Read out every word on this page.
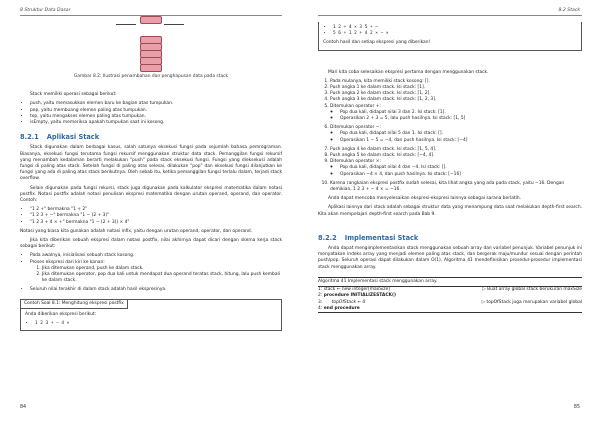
8 Struktur Data Dasar
Gambar 8.2: Ilustrasi penambahan dan penghapusan data pada stack

Stack memiliki operasi sebagai berikut:

• push, yaitu memasukkan elemen baru ke bagian atas tumpukan.
• pop, yaitu membuang elemen paling atas tumpukan.
• top, yaitu mengakses elemen paling atas tumpukan.
• isEmpty, yaitu memeriksa apakah tumpukan saat ini kosong.
8.2.1 Aplikasi Stack

Stack digunakan dalam berbagai kasus, salah satunya eksekusi fungsi pada sejumlah bahasa pemrograman. Biasanya, eksekusi fungsi terutama fungsi rekursif menggunakan struktur data stack. Pemanggilan fungsi rekursif yang menambah kedalaman berarti melakukan "push" pada stack eksekusi fungsi. Fungsi yang dieksekusi adalah fungsi di paling atas stack. Setelah fungsi di paling atas selesai, dilakukan "pop" dan eksekusi fungsi dilanjutkan ke fungsi yang ada di paling atas stack berikutnya. Oleh sebab itu, ketika pemanggilan fungsi terlalu dalam, terjadi stack overflow.

Selain digunakan pada fungsi rekursi, stack juga digunakan pada kalkulator ekspresi matematika dalam notasi postfix. Notasi postfix adalah notasi penulisan ekspresi matematika dengan urutan operand, operand, dan operator. Contoh:

• "1 2 +" bermakna "1 + 2"
• "1 2 3 + −" bermakna "1 − (2 + 3)"
• "1 2 3 + 4 × +" bermakna "1 − (2 + 3)) × 4"

Notasi yang biasa kita gunakan adalah notasi infix, yaitu dengan urutan operand, operator, dan operand.

Jika kita diberikan sebuah ekspresi dalam notasi postfix, nilai akhirnya dapat dicari dengan skema kerja stack sebagai berikut:

• Pada awalnya, inisialisasi sebuah stack kosong.
• Proses ekspresi dari kiri ke kanan:
1. Jika ditemukan operand, push ke dalam stack.
2. Jika ditemukan operator, pop dua kali untuk mendapat dua operand teratas stack, hitung, lalu push kembali ke dalam stack.
• Seluruh nilai terakhir di dalam stack adalah hasil ekspresinya.
Contoh Soal 8.1: Menghitung ekspresi postfix

Anda diberikan ekspresi berikut:

• 1 2 3 + − 4 ×
84
8.2 Stack
• 1 2 + 4 × 3 5 + −
• 5 6 + 1 2 + 4 2 × − ×

Contoh hasil dan setiap ekspresi yang diberikan!

Mari kita coba selesaikan ekspresi pertama dengan menggunakan stack.

1. Pada mulanya, kita memiliki stack kosong: [].
2. Push angka 1 ke dalam stack. Isi stack: [1].
3. Push angka 2 ke dalam stack. Isi stack: [1, 2].
4. Push angka 3 ke dalam stack. Isi stack: [1, 2, 3].
5. Ditemukan operator +:
◦ Pop dua kali, didapat nilai 3 dan 2. Isi stack: [1].
◦ Operasikan 2 + 3 = 5, lalu push hasilnya. Isi stack: [1, 5]
6. Ditemukan operator −:
◦ Pop dua kali, didapat nilai 5 dan 1. Isi stack: [].
◦ Operasikan 1 − 5 = −4, dan push hasilnya. Isi stack: [−4]
7. Push angka 4 ke dalam stack. Isi stack: [1, 5, 4].
8. Push angka 5 ke dalam stack. Isi stack: [−4, 4].
9. Ditemukan operator ×:
◦ Pop dua kali, didapat nilai 4 dan −4. Isi stack: [].
◦ Operasikan −4 × 4, dan push hasilnya. Isi stack: [−16]
10. Karena rangkaian ekspresi postfix sudah selesai, kita lihat angka yang ada pada stack, yaitu −16. Dengan demikian, 1 2 3 + − 4 × = −16.

Anda dapat mencoba menyelesaikan ekspresi-ekspresi lainnya sebagai sarana berlatih.

Aplikasi lainnya dari stack adalah sebagai struktur data yang menampung data saat melakukan depth-first search. Kita akan mempelajari depth-first search pada Bab 9.

8.2.2 Implementasi Stack

Anda dapat mengimplementasikan stack menggunakan sebuah array dan variabel penunjuk. Variabel penunjuk ini menyatakan indeks array yang menjadi elemen paling atas stack, dan bergerak maju/mundur sesuai dengan perintah push/pop. Seluruh operasi dapat dilakukan dalam O(1). Algoritma 41 mendefinisikan prosedur-prosedur implementasi stack menggunakan array.

Algoritma 41 Implementasi stack menggunakan array.
1: stack ← new integer[maxSize]	▷ Buat array global stack berukuran maxSize
2: procedure INITIALIZESTACK()
3: topOfStack ← 0	▷ topOfStack juga merupakan variabel global
4: end procedure
85
